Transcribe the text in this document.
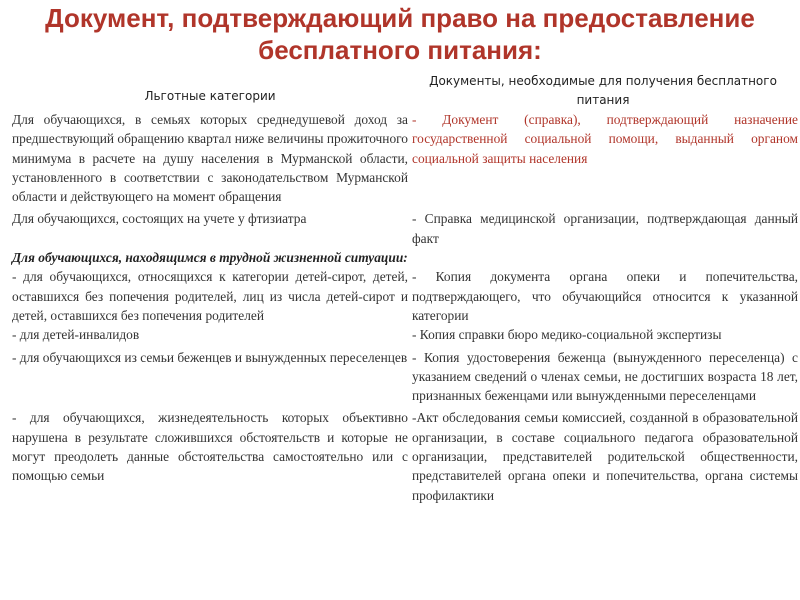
Документ, подтверждающий право на предоставление
бесплатного питания:
Льготные категории
Документы, необходимые для получения бесплатного питания
Для обучающихся, в семьях которых среднедушевой доход за предшествующий обращению квартал ниже величины прожиточного минимума в расчете на душу населения в Мурманской области, установленного в соответствии с законодательством Мурманской области и действующего на момент обращения
- Документ (справка), подтверждающий назначение государственной социальной помощи, выданный органом социальной защиты населения
Для обучающихся, состоящих на учете у фтизиатра	- Справка медицинской организации, подтверждающая данный факт
Для обучающихся, находящимся в трудной жизненной ситуации:
- для обучающихся, относящихся к категории детей-сирот, детей, оставшихся без попечения родителей, лиц из числа детей-сирот и детей, оставшихся без попечения родителей
- Копия документа органа опеки и попечительства, подтверждающего, что обучающийся относится к указанной категории
- для детей-инвалидов	- Копия справки бюро медико-социальной экспертизы
- для обучающихся из семьи беженцев и вынужденных переселенцев - Копия удостоверения беженца (вынужденного переселенца) с указанием сведений о членах семьи, не достигших возраста 18 лет, признанных беженцами или вынужденными переселенцами
- для обучающихся, жизнедеятельность которых объективно нарушена в результате сложившихся обстоятельств и которые не могут преодолеть данные обстоятельства самостоятельно или с помощью семьи
-Акт обследования семьи комиссией, созданной в образовательной организации, в составе социального педагога образовательной организации, представителей родительской общественности, представителей органа опеки и попечительства, органа системы профилактики
